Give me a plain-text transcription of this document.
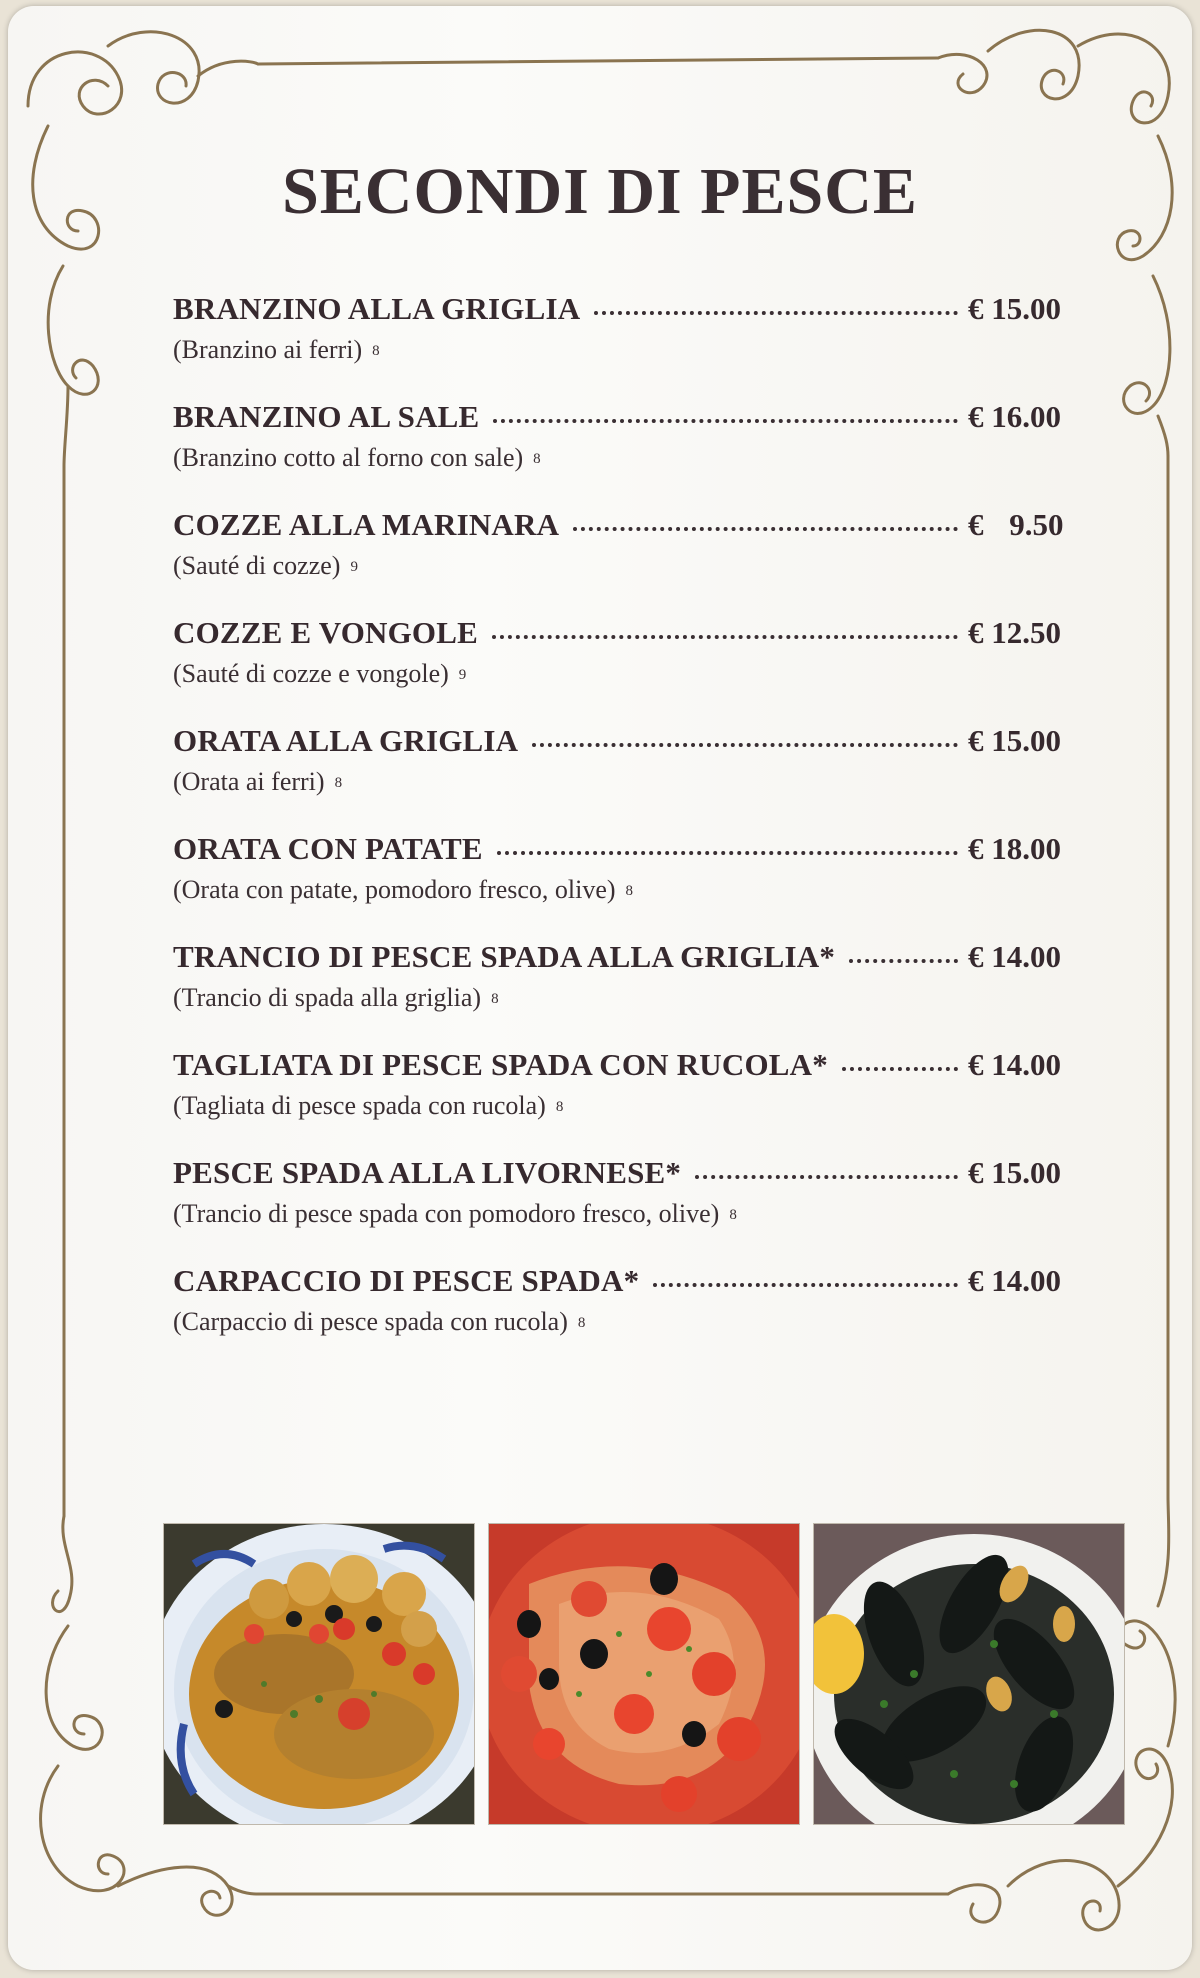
SECONDI DI PESCE
BRANZINO ALLA GRIGLIA	€ 15.00
(Branzino ai ferri) 8
BRANZINO AL SALE	€ 16.00
(Branzino cotto al forno con sale) 8
COZZE ALLA MARINARA	€ 9.50
(Sauté di cozze) 9
COZZE E VONGOLE	€ 12.50
(Sauté di cozze e vongole) 9
ORATA ALLA GRIGLIA	€ 15.00
(Orata ai ferri) 8
ORATA CON PATATE	€ 18.00
(Orata con patate, pomodoro fresco, olive) 8
TRANCIO DI PESCE SPADA ALLA GRIGLIA*	€ 14.00
(Trancio di spada alla griglia) 8
TAGLIATA DI PESCE SPADA CON RUCOLA*	€ 14.00
(Tagliata di pesce spada con rucola) 8
PESCE SPADA ALLA LIVORNESE*	€ 15.00
(Trancio di pesce spada con pomodoro fresco, olive) 8
CARPACCIO DI PESCE SPADA*	€ 14.00
(Carpaccio di pesce spada con rucola) 8
